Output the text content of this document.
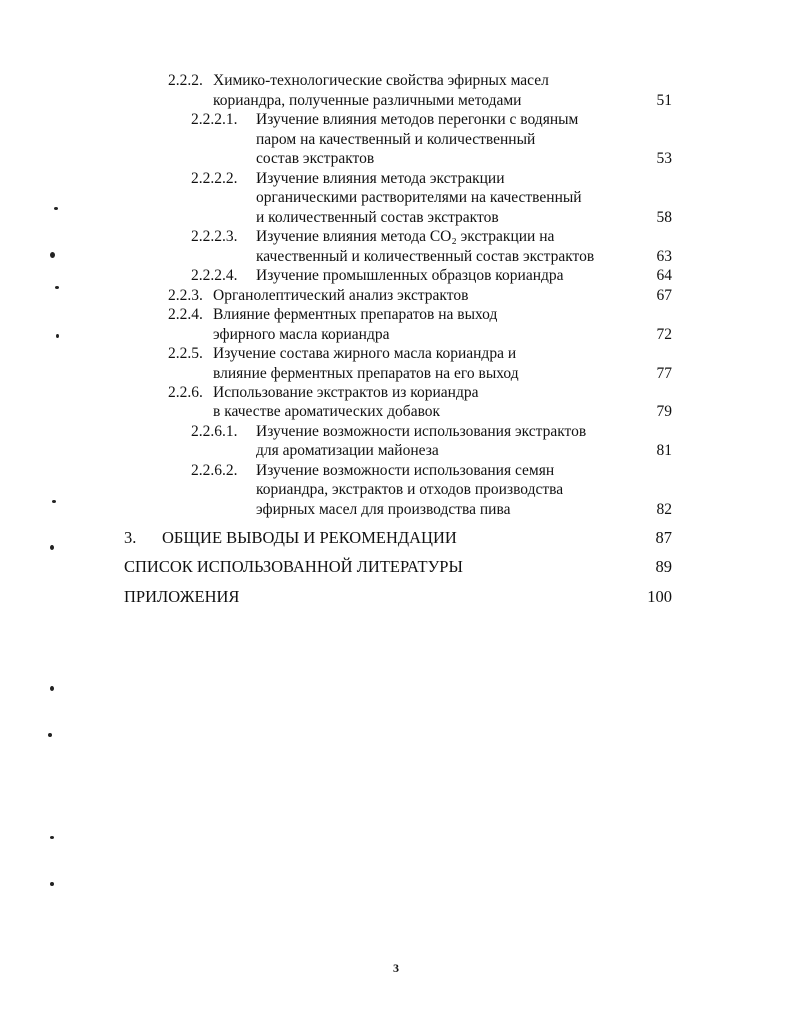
2.2.2. Химико-технологические свойства эфирных масел
кориандра, полученные различными методами	51
2.2.2.1. Изучение влияния методов перегонки с водяным
паром на качественный и количественный
состав экстрактов	53
2.2.2.2. Изучение влияния метода экстракции
органическими растворителями на качественный
и количественный состав экстрактов	58
2.2.2.3. Изучение влияния метода CO₂ экстракции на
качественный и количественный состав экстрактов	63
2.2.2.4. Изучение промышленных образцов кориандра	64
2.2.3. Органолептический анализ экстрактов	67
2.2.4. Влияние ферментных препаратов на выход
эфирного масла кориандра	72
2.2.5. Изучение состава жирного масла кориандра и
влияние ферментных препаратов на его выход	77
2.2.6. Использование экстрактов из кориандра
в качестве ароматических добавок	79
2.2.6.1. Изучение возможности использования экстрактов
для ароматизации майонеза	81
2.2.6.2. Изучение возможности использования семян
кориандра, экстрактов и отходов производства
эфирных масел для производства пива	82
3. ОБЩИЕ ВЫВОДЫ И РЕКОМЕНДАЦИИ	87
СПИСОК ИСПОЛЬЗОВАННОЙ ЛИТЕРАТУРЫ	89
ПРИЛОЖЕНИЯ	100
3
